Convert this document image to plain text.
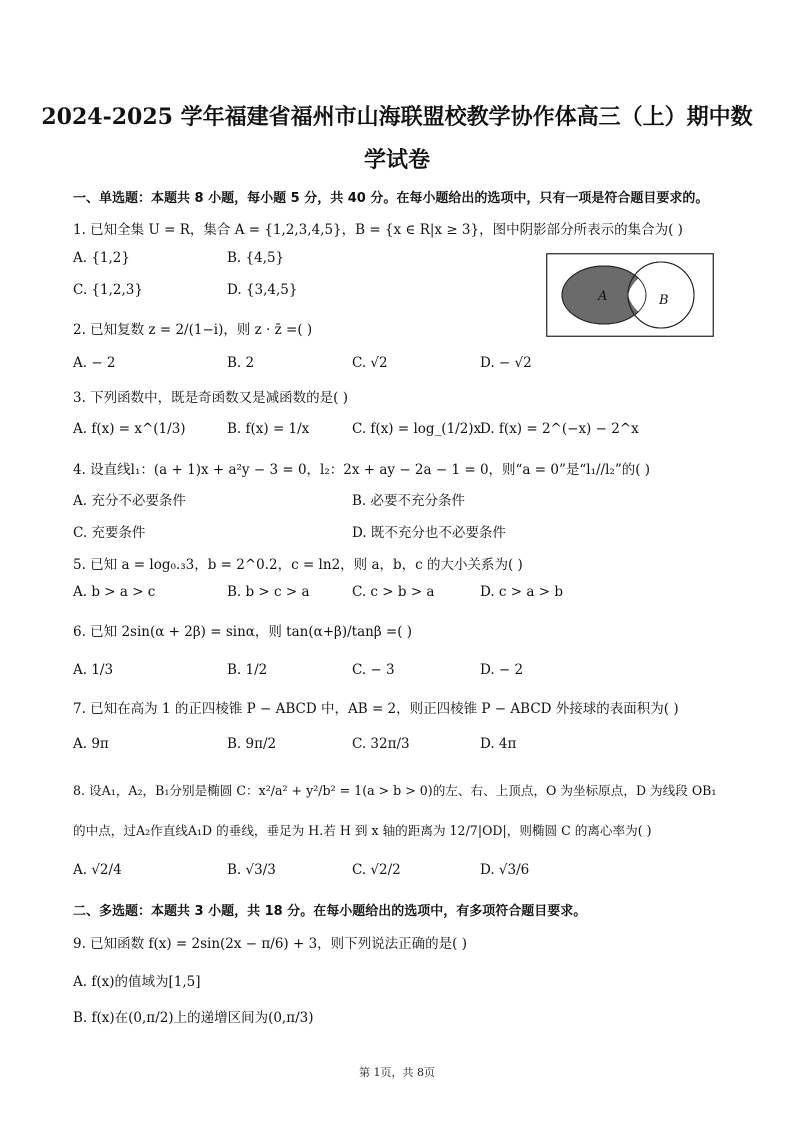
2024-2025 学年福建省福州市山海联盟校教学协作体高三（上）期中数
学试卷
一、单选题：本题共 8 小题，每小题 5 分，共 40 分。在每小题给出的选项中，只有一项是符合题目要求的。
1. 已知全集 U = R，集合 A = {1,2,3,4,5}，B = {x ∈ R|x ≥ 3}，图中阴影部分所表示的集合为( )
A. {1,2}	B. {4,5}
C. {1,2,3}	D. {3,4,5}	A	B
2. 已知复数 z = 2/(1−i)，则 z · z̄ =( )
A. − 2	B. 2	C. √2	D. − √2
3. 下列函数中，既是奇函数又是减函数的是( )
A. f(x) = x^(1/3)	B. f(x) = 1/x	C. f(x) = log_(1/2)x
D. f(x) = 2^(−x) − 2^x
4. 设直线l₁：(a + 1)x + a²y − 3 = 0，l₂：2x + ay − 2a − 1 = 0，则“a = 0”是“l₁//l₂”的( )
A. 充分不必要条件	B. 必要不充分条件
C. 充要条件	D. 既不充分也不必要条件
5. 已知 a = log₀.₃3，b = 2^0.2，c = ln2，则 a，b，c 的大小关系为( )
A. b > a > c	B. b > c > a	C. c > b > a	D. c > a > b
6. 已知 2sin(α + 2β) = sinα，则 tan(α+β)/tanβ =( )
A. 1/3	B. 1/2	C. − 3	D. − 2
7. 已知在高为 1 的正四棱锥 P − ABCD 中，AB = 2，则正四棱锥 P − ABCD 外接球的表面积为( )
A. 9π	B. 9π/2	C. 32π/3	D. 4π
8. 设A₁，A₂，B₁分别是椭圆 C：x²/a² + y²/b² = 1(a > b > 0)的左、右、上顶点，O 为坐标原点，D 为线段 OB₁
的中点，过A₂作直线A₁D 的垂线，垂足为 H.若 H 到 x 轴的距离为 12/7|OD|，则椭圆 C 的离心率为( )
A. √2/4	B. √3/3	C. √2/2	D. √3/6
二、多选题：本题共 3 小题，共 18 分。在每小题给出的选项中，有多项符合题目要求。
9. 已知函数 f(x) = 2sin(2x − π/6) + 3，则下列说法正确的是( )
A. f(x)的值域为[1,5]
B. f(x)在(0,π/2)上的递增区间为(0,π/3)
第 1页，共 8页
